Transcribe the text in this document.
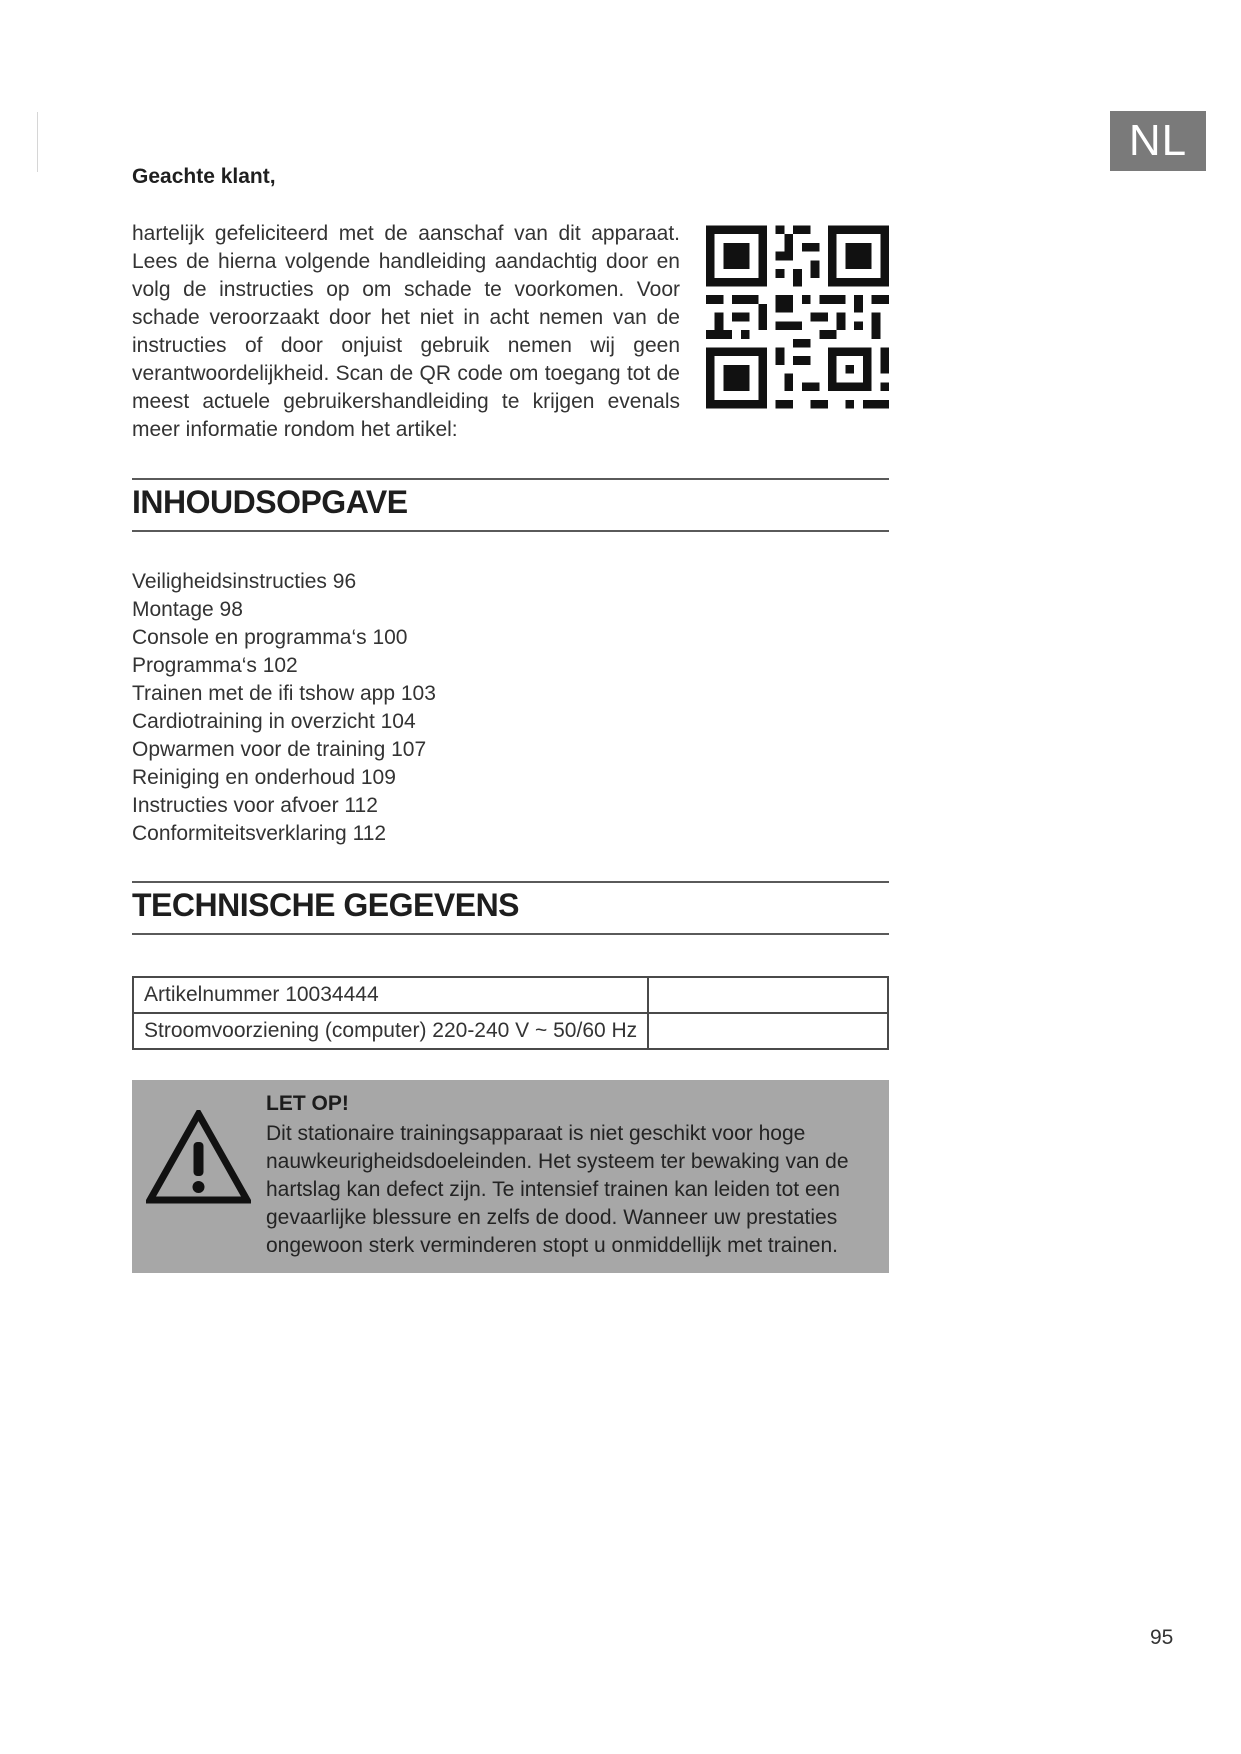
NL
Geachte klant,

hartelijk gefeliciteerd met de aanschaf van dit apparaat. Lees de hierna volgende handleiding aandachtig door en volg de instructies op om schade te voorkomen. Voor schade veroorzaakt door het niet in acht nemen van de instructies of door onjuist gebruik nemen wij geen verantwoordelijkheid. Scan de QR code om toegang tot de meest actuele gebruikershandleiding te krijgen evenals meer informatie rondom het artikel:

INHOUDSOPGAVE
Veiligheidsinstructies 96
Montage 98
Console en programma‘s 100
Programma‘s 102
Trainen met de ifi tshow app 103
Cardiotraining in overzicht 104
Opwarmen voor de training 107
Reiniging en onderhoud 109
Instructies voor afvoer 112
Conformiteitsverklaring 112
TECHNISCHE GEGEVENS
Artikelnummer 10034444	
Stroomvoorziening (computer) 220-240 V ~ 50/60 Hz	
LET OP!

Dit stationaire trainingsapparaat is niet geschikt voor hoge nauwkeurigheidsdoeleinden. Het systeem ter bewaking van de hartslag kan defect zijn. Te intensief trainen kan leiden tot een gevaarlijke blessure en zelfs de dood. Wanneer uw prestaties ongewoon sterk verminderen stopt u onmiddellijk met trainen.

95
